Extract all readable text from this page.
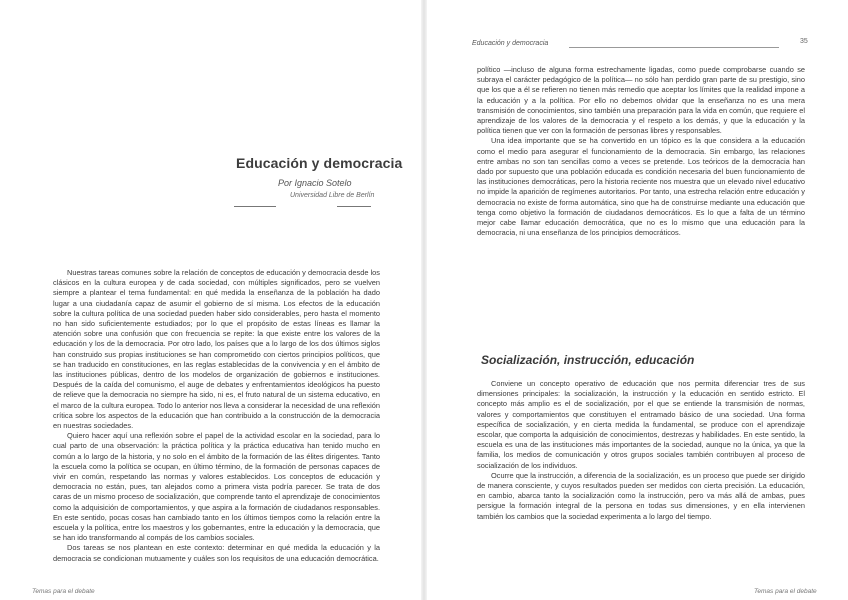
Educación y democracia
Por Ignacio Sotelo
Universidad Libre de Berlín

Nuestras tareas comunes sobre la relación de conceptos de educación y democracia desde los clásicos en la cultura europea y de cada sociedad, con múltiples significados, pero se vuelven siempre a plantear el tema fundamental: en qué medida la enseñanza de la población ha dado lugar a una ciudadanía capaz de asumir el gobierno de sí misma. Los efectos de la educación sobre la cultura política de una sociedad pueden haber sido considerables, pero hasta el momento no han sido suficientemente estudiados; por lo que el propósito de estas líneas es llamar la atención sobre una confusión que con frecuencia se repite: la que existe entre los valores de la educación y los de la democracia. Por otro lado, los países que a lo largo de los dos últimos siglos han construido sus propias instituciones se han comprometido con ciertos principios políticos, que se han traducido en constituciones, en las reglas establecidas de la convivencia y en el ámbito de las instituciones públicas, dentro de los modelos de organización de gobiernos e instituciones. Después de la caída del comunismo, el auge de debates y enfrentamientos ideológicos ha puesto de relieve que la democracia no siempre ha sido, ni es, el fruto natural de un sistema educativo, en el marco de la cultura europea. Todo lo anterior nos lleva a considerar la necesidad de una reflexión crítica sobre los aspectos de la educación que han contribuido a la construcción de la democracia en nuestras sociedades.

Quiero hacer aquí una reflexión sobre el papel de la actividad escolar en la sociedad, para lo cual parto de una observación: la práctica política y la práctica educativa han tenido mucho en común a lo largo de la historia, y no solo en el ámbito de la formación de las élites dirigentes. Tanto la escuela como la política se ocupan, en último término, de la formación de personas capaces de vivir en común, respetando las normas y valores establecidos. Los conceptos de educación y democracia no están, pues, tan alejados como a primera vista podría parecer. Se trata de dos caras de un mismo proceso de socialización, que comprende tanto el aprendizaje de conocimientos como la adquisición de comportamientos, y que aspira a la formación de ciudadanos responsables. En este sentido, pocas cosas han cambiado tanto en los últimos tiempos como la relación entre la escuela y la política, entre los maestros y los gobernantes, entre la educación y la democracia, que se han ido transformando al compás de los cambios sociales.

Dos tareas se nos plantean en este contexto: determinar en qué medida la educación y la democracia se condicionan mutuamente y cuáles son los requisitos de una educación democrática.

Temas para el debate
Educación y democracia	35

político —incluso de alguna forma estrechamente ligadas, como puede comprobarse cuando se subraya el carácter pedagógico de la política— no sólo han perdido gran parte de su prestigio, sino que los que a él se refieren no tienen más remedio que aceptar los límites que la realidad impone a la educación y a la política. Por ello no debemos olvidar que la enseñanza no es una mera transmisión de conocimientos, sino también una preparación para la vida en común, que requiere el aprendizaje de los valores de la democracia y el respeto a los demás, y que la educación y la política tienen que ver con la formación de personas libres y responsables.

Una idea importante que se ha convertido en un tópico es la que considera a la educación como el medio para asegurar el funcionamiento de la democracia. Sin embargo, las relaciones entre ambas no son tan sencillas como a veces se pretende. Los teóricos de la democracia han dado por supuesto que una población educada es condición necesaria del buen funcionamiento de las instituciones democráticas, pero la historia reciente nos muestra que un elevado nivel educativo no impide la aparición de regímenes autoritarios. Por tanto, una estrecha relación entre educación y democracia no existe de forma automática, sino que ha de construirse mediante una educación que tenga como objetivo la formación de ciudadanos democráticos. Es lo que a falta de un término mejor cabe llamar educación democrática, que no es lo mismo que una educación para la democracia, ni una enseñanza de los principios democráticos.

Socialización, instrucción, educación

Conviene un concepto operativo de educación que nos permita diferenciar tres de sus dimensiones principales: la socialización, la instrucción y la educación en sentido estricto. El concepto más amplio es el de socialización, por el que se entiende la transmisión de normas, valores y comportamientos que constituyen el entramado básico de una sociedad. Una forma específica de socialización, y en cierta medida la fundamental, se produce con el aprendizaje escolar, que comporta la adquisición de conocimientos, destrezas y habilidades. En este sentido, la escuela es una de las instituciones más importantes de la sociedad, aunque no la única, ya que la familia, los medios de comunicación y otros grupos sociales también contribuyen al proceso de socialización de los individuos.

Ocurre que la instrucción, a diferencia de la socialización, es un proceso que puede ser dirigido de manera consciente, y cuyos resultados pueden ser medidos con cierta precisión. La educación, en cambio, abarca tanto la socialización como la instrucción, pero va más allá de ambas, pues persigue la formación integral de la persona en todas sus dimensiones, y en ella intervienen también los cambios que la sociedad experimenta a lo largo del tiempo.

Temas para el debate
